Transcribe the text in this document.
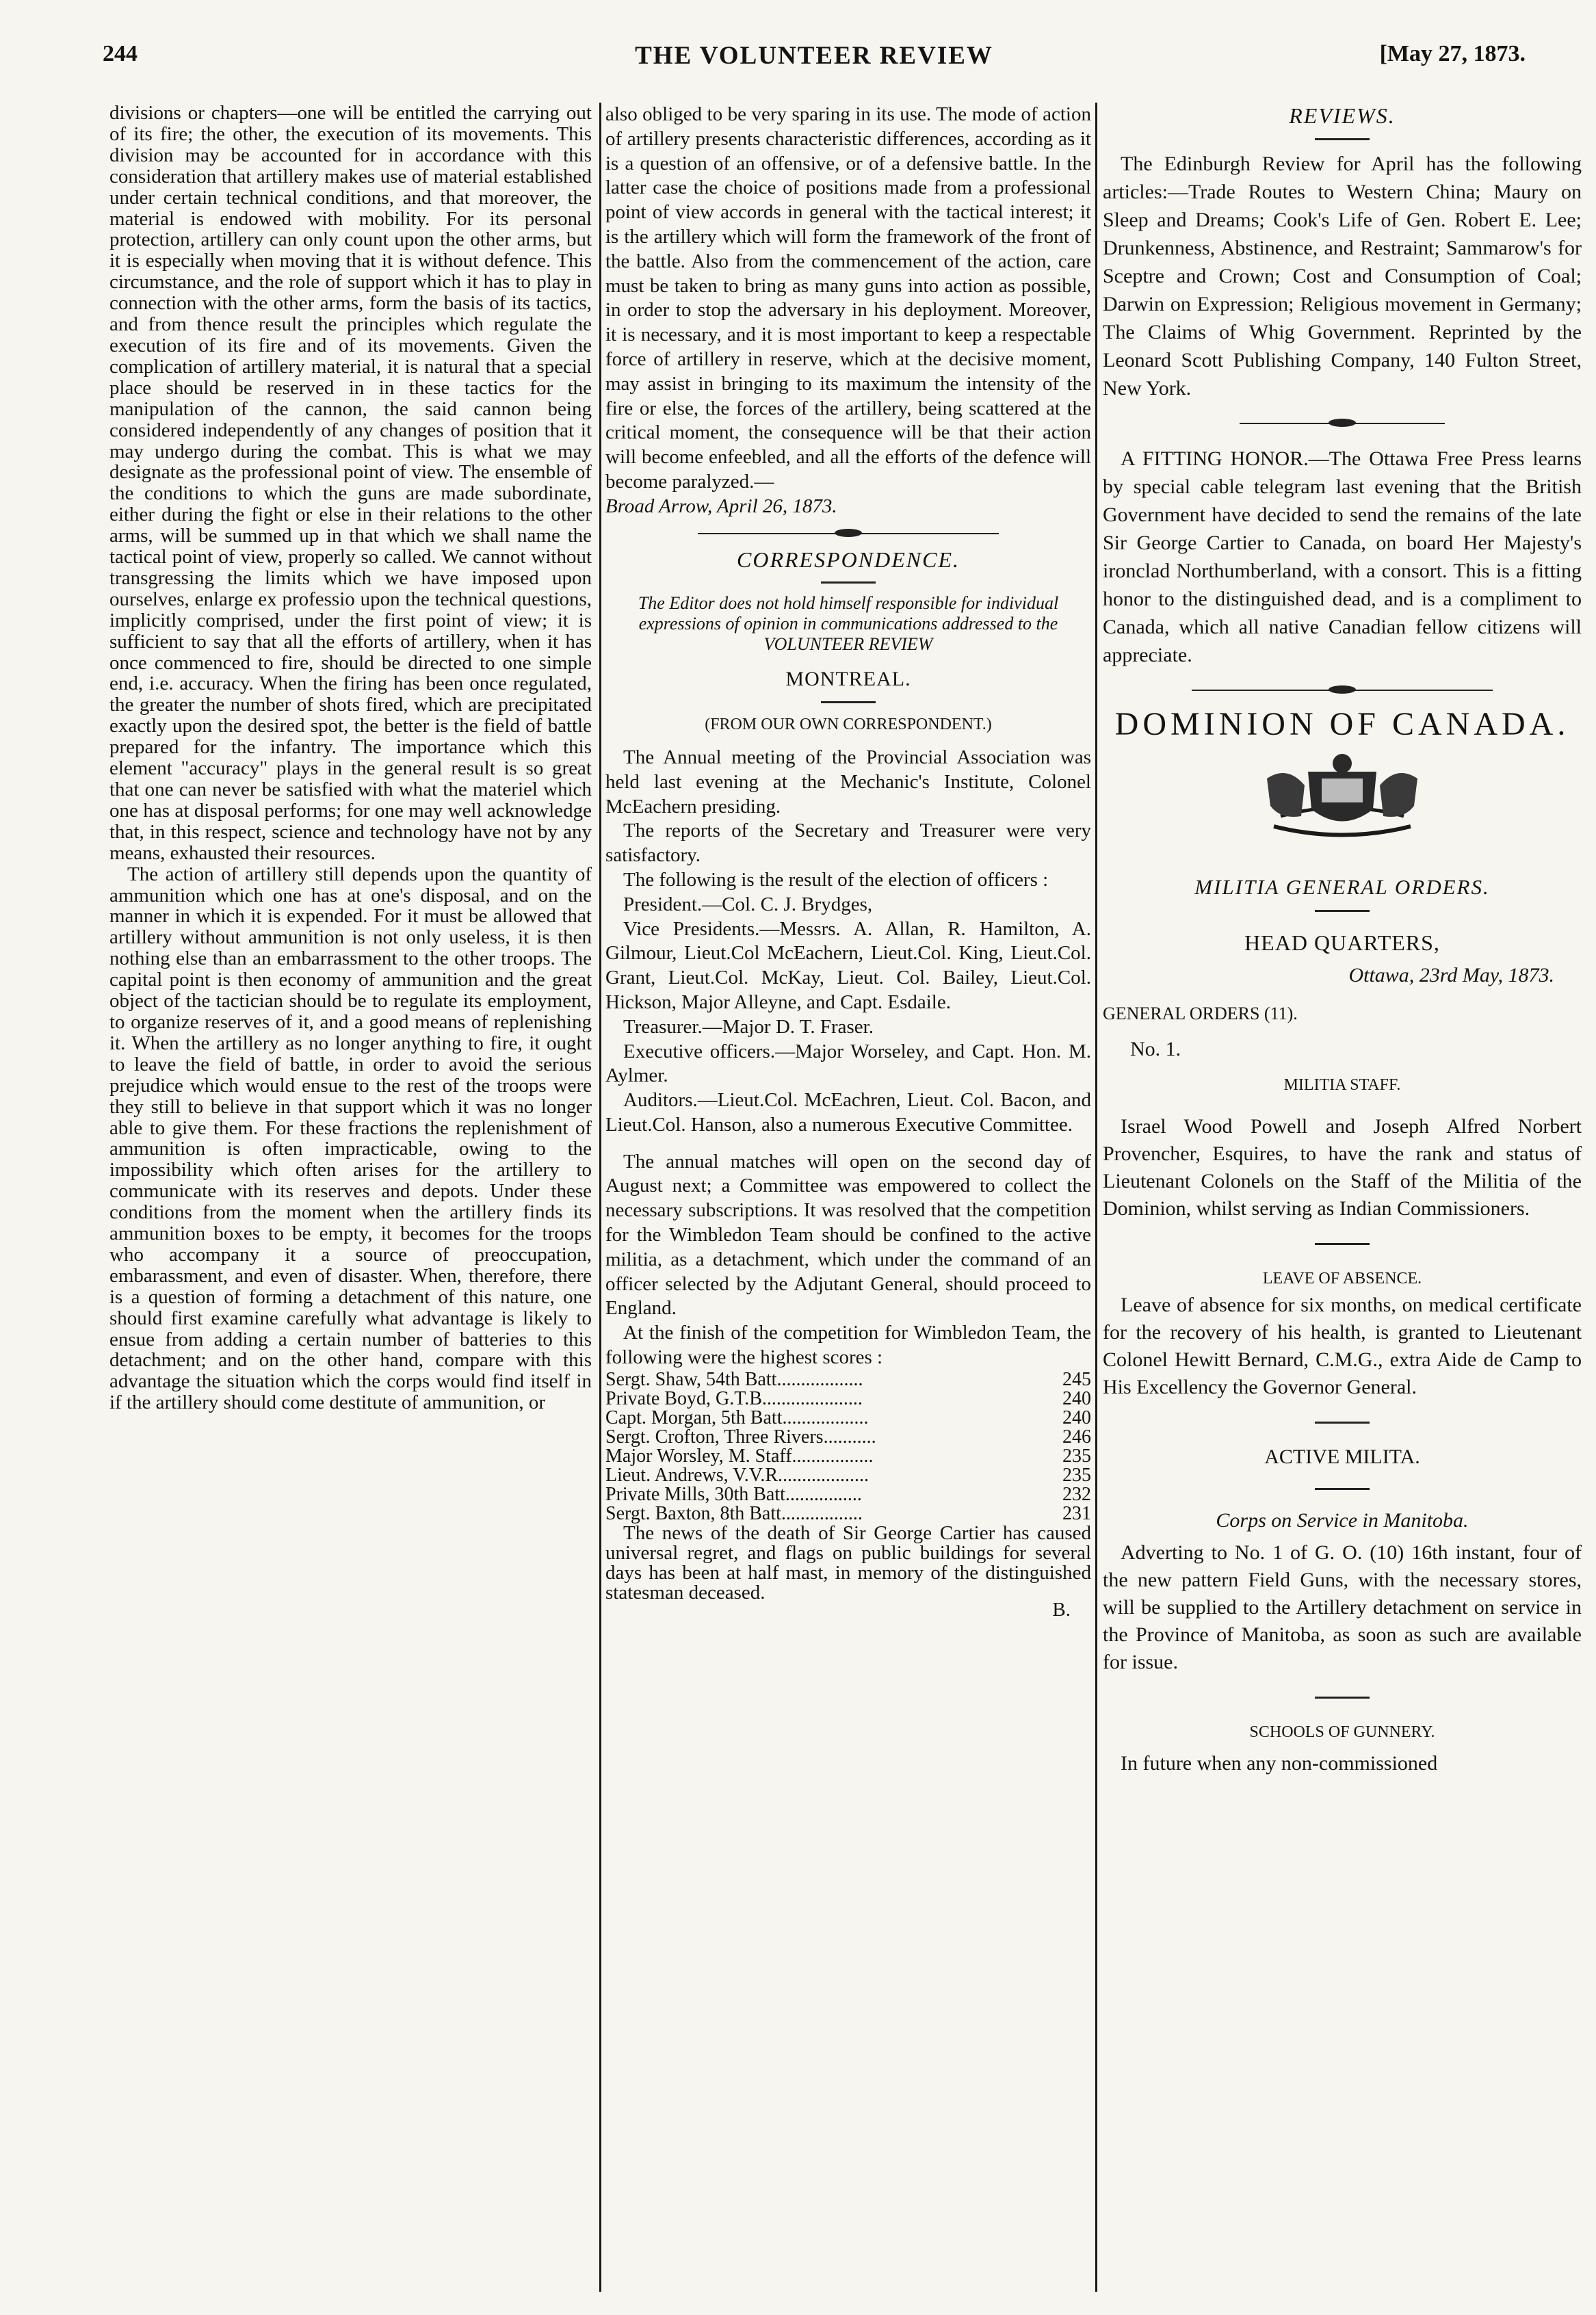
244	THE VOLUNTEER REVIEW	[May 27, 1873.

divisions or chapters—one will be entitled the carrying out of its fire; the other, the execution of its movements. This division may be accounted for in accordance with this consideration that artillery makes use of material established under certain technical conditions, and that moreover, the material is endowed with mobility. For its personal protection, artillery can only count upon the other arms, but it is especially when moving that it is without defence. This circumstance, and the role of support which it has to play in connection with the other arms, form the basis of its tactics, and from thence result the principles which regulate the execution of its fire and of its movements. Given the complication of artillery material, it is natural that a special place should be reserved in in these tactics for the manipulation of the cannon, the said cannon being considered independently of any changes of position that it may undergo during the combat. This is what we may designate as the professional point of view. The ensemble of the conditions to which the guns are made subordinate, either during the fight or else in their relations to the other arms, will be summed up in that which we shall name the tactical point of view, properly so called. We cannot without transgressing the limits which we have imposed upon ourselves, enlarge ex professio upon the technical questions, implicitly comprised, under the first point of view; it is sufficient to say that all the efforts of artillery, when it has once commenced to fire, should be directed to one simple end, i.e. accuracy. When the firing has been once regulated, the greater the number of shots fired, which are precipitated exactly upon the desired spot, the better is the field of battle prepared for the infantry. The importance which this element "accuracy" plays in the general result is so great that one can never be satisfied with what the materiel which one has at disposal performs; for one may well acknowledge that, in this respect, science and technology have not by any means, exhausted their resources.

The action of artillery still depends upon the quantity of ammunition which one has at one's disposal, and on the manner in which it is expended. For it must be allowed that artillery without ammunition is not only useless, it is then nothing else than an embarrassment to the other troops. The capital point is then economy of ammunition and the great object of the tactician should be to regulate its employment, to organize reserves of it, and a good means of replenishing it. When the artillery as no longer anything to fire, it ought to leave the field of battle, in order to avoid the serious prejudice which would ensue to the rest of the troops were they still to believe in that support which it was no longer able to give them. For these fractions the replenishment of ammunition is often impracticable, owing to the impossibility which often arises for the artillery to communicate with its reserves and depots. Under these conditions from the moment when the artillery finds its ammunition boxes to be empty, it becomes for the troops who accompany it a source of preoccupation, embarassment, and even of disaster. When, therefore, there is a question of forming a detachment of this nature, one should first examine carefully what advantage is likely to ensue from adding a certain number of batteries to this detachment; and on the other hand, compare with this advantage the situation which the corps would find itself in if the artillery should come destitute of ammunition, or

also obliged to be very sparing in its use. The mode of action of artillery presents characteristic differences, according as it is a question of an offensive, or of a defensive battle. In the latter case the choice of positions made from a professional point of view accords in general with the tactical interest; it is the artillery which will form the framework of the front of the battle. Also from the commencement of the action, care must be taken to bring as many guns into action as possible, in order to stop the adversary in his deployment. Moreover, it is necessary, and it is most important to keep a respectable force of artillery in reserve, which at the decisive moment, may assist in bringing to its maximum the intensity of the fire or else, the forces of the artillery, being scattered at the critical moment, the consequence will be that their action will become enfeebled, and all the efforts of the defence will become paralyzed.—

Broad Arrow, April 26, 1873.

CORRESPONDENCE.
The Editor does not hold himself responsible for individual expressions of opinion in communications addressed to the VOLUNTEER REVIEW
MONTREAL.
(FROM OUR OWN CORRESPONDENT.)

The Annual meeting of the Provincial Association was held last evening at the Mechanic's Institute, Colonel McEachern presiding.

The reports of the Secretary and Treasurer were very satisfactory.

The following is the result of the election of officers :

President.—Col. C. J. Brydges,

Vice Presidents.—Messrs. A. Allan, R. Hamilton, A. Gilmour, Lieut.Col McEachern, Lieut.Col. King, Lieut.Col. Grant, Lieut.Col. McKay, Lieut. Col. Bailey, Lieut.Col. Hickson, Major Alleyne, and Capt. Esdaile.

Treasurer.—Major D. T. Fraser.

Executive officers.—Major Worseley, and Capt. Hon. M. Aylmer.

Auditors.—Lieut.Col. McEachren, Lieut. Col. Bacon, and Lieut.Col. Hanson, also a numerous Executive Committee.

The annual matches will open on the second day of August next; a Committee was empowered to collect the necessary subscriptions. It was resolved that the competition for the Wimbledon Team should be confined to the active militia, as a detachment, which under the command of an officer selected by the Adjutant General, should proceed to England.

At the finish of the competition for Wimbledon Team, the following were the highest scores :

Sergt. Shaw, 54th Batt..................	245
Private Boyd, G.T.B.....................	240
Capt. Morgan, 5th Batt..................	240
Sergt. Crofton, Three Rivers...........	246
Major Worsley, M. Staff.................	235
Lieut. Andrews, V.V.R...................	235
Private Mills, 30th Batt................	232
Sergt. Baxton, 8th Batt.................	231

The news of the death of Sir George Cartier has caused universal regret, and flags on public buildings for several days has been at half mast, in memory of the distinguished statesman deceased.

B.
REVIEWS.

The Edinburgh Review for April has the following articles:—Trade Routes to Western China; Maury on Sleep and Dreams; Cook's Life of Gen. Robert E. Lee; Drunkenness, Abstinence, and Restraint; Sammarow's for Sceptre and Crown; Cost and Consumption of Coal; Darwin on Expression; Religious movement in Germany; The Claims of Whig Government. Reprinted by the Leonard Scott Publishing Company, 140 Fulton Street, New York.

A FITTING HONOR.—The Ottawa Free Press learns by special cable telegram last evening that the British Government have decided to send the remains of the late Sir George Cartier to Canada, on board Her Majesty's ironclad Northumberland, with a consort. This is a fitting honor to the distinguished dead, and is a compliment to Canada, which all native Canadian fellow citizens will appreciate.

DOMINION OF CANADA.
MILITIA GENERAL ORDERS.
HEAD QUARTERS,
Ottawa, 23rd May, 1873.

GENERAL ORDERS (11).

No. 1.

MILITIA STAFF.

Israel Wood Powell and Joseph Alfred Norbert Provencher, Esquires, to have the rank and status of Lieutenant Colonels on the Staff of the Militia of the Dominion, whilst serving as Indian Commissioners.

LEAVE OF ABSENCE.

Leave of absence for six months, on medical certificate for the recovery of his health, is granted to Lieutenant Colonel Hewitt Bernard, C.M.G., extra Aide de Camp to His Excellency the Governor General.

ACTIVE MILITA.
Corps on Service in Manitoba.

Adverting to No. 1 of G. O. (10) 16th instant, four of the new pattern Field Guns, with the necessary stores, will be supplied to the Artillery detachment on service in the Province of Manitoba, as soon as such are available for issue.

SCHOOLS OF GUNNERY.

In future when any non-commissioned
